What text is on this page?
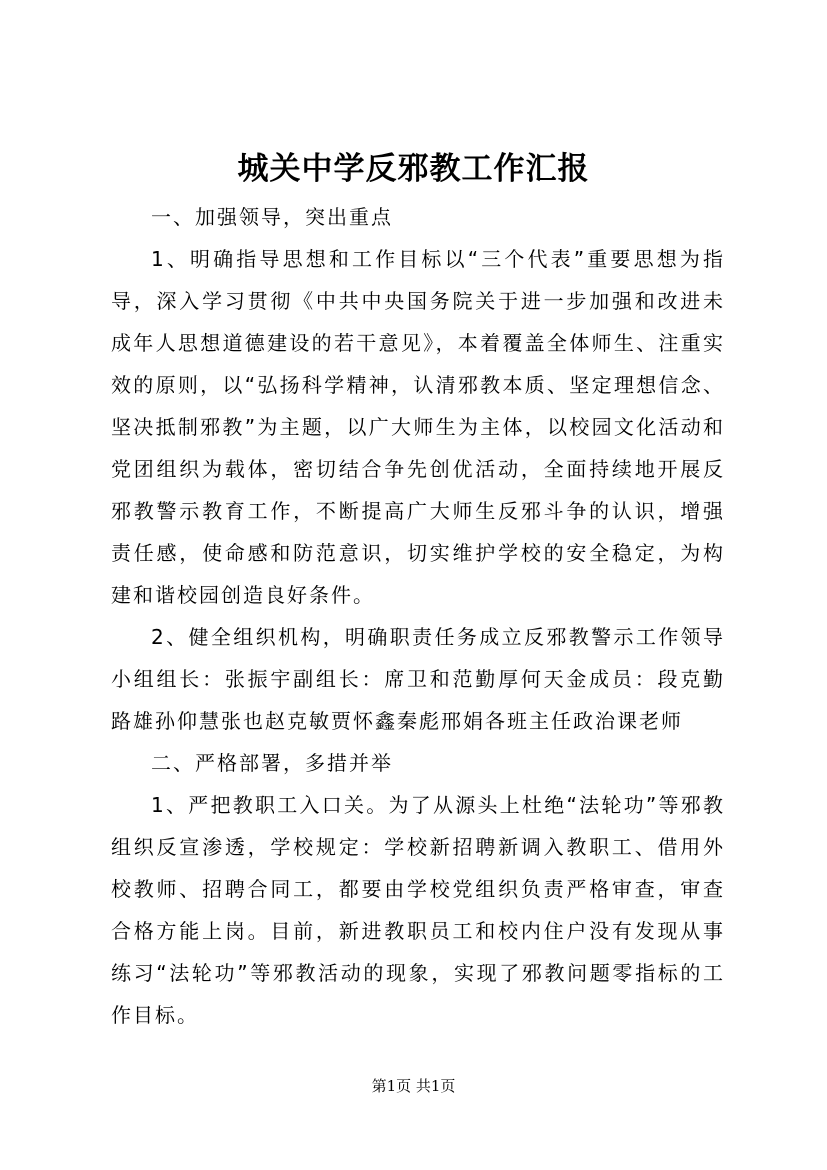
城关中学反邪教工作汇报

一、加强领导，突出重点

1、明确指导思想和工作目标以“三个代表”重要思想为指导，深入学习贯彻《中共中央国务院关于进一步加强和改进未成年人思想道德建设的若干意见》，本着覆盖全体师生、注重实效的原则，以“弘扬科学精神，认清邪教本质、坚定理想信念、坚决抵制邪教”为主题，以广大师生为主体，以校园文化活动和党团组织为载体，密切结合争先创优活动，全面持续地开展反邪教警示教育工作，不断提高广大师生反邪斗争的认识，增强责任感，使命感和防范意识，切实维护学校的安全稳定，为构建和谐校园创造良好条件。

2、健全组织机构，明确职责任务成立反邪教警示工作领导小组组长：张振宇副组长：席卫和范勤厚何天金成员：段克勤路雄孙仰慧张也赵克敏贾怀鑫秦彪邢娟各班主任政治课老师

二、严格部署，多措并举

1、严把教职工入口关。为了从源头上杜绝“法轮功”等邪教组织反宣渗透，学校规定：学校新招聘新调入教职工、借用外校教师、招聘合同工，都要由学校党组织负责严格审查，审查合格方能上岗。目前，新进教职员工和校内住户没有发现从事练习“法轮功”等邪教活动的现象，实现了邪教问题零指标的工作目标。

第1页 共1页
